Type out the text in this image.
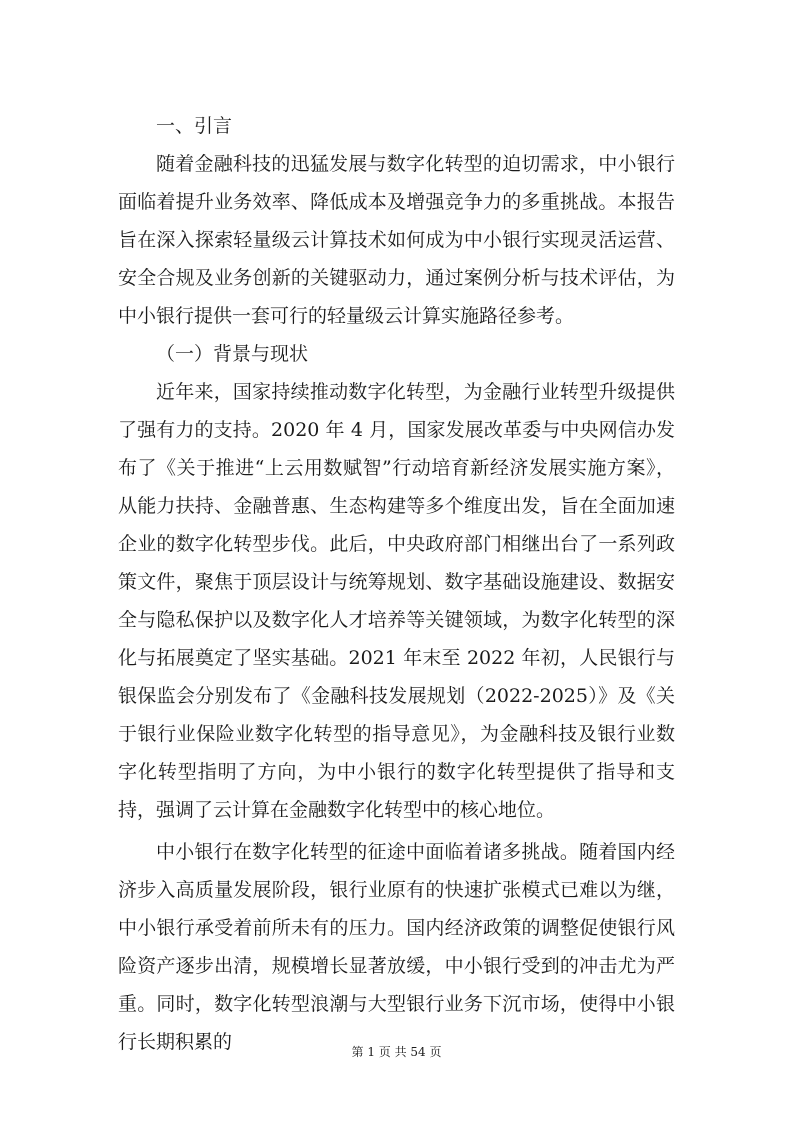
一、引言

随着金融科技的迅猛发展与数字化转型的迫切需求，中小银行面临着提升业务效率、降低成本及增强竞争力的多重挑战。本报告旨在深入探索轻量级云计算技术如何成为中小银行实现灵活运营、安全合规及业务创新的关键驱动力，通过案例分析与技术评估，为中小银行提供一套可行的轻量级云计算实施路径参考。

（一）背景与现状

近年来，国家持续推动数字化转型，为金融行业转型升级提供了强有力的支持。2020 年 4 月，国家发展改革委与中央网信办发布了《关于推进“上云用数赋智”行动培育新经济发展实施方案》，从能力扶持、金融普惠、生态构建等多个维度出发，旨在全面加速企业的数字化转型步伐。此后，中央政府部门相继出台了一系列政策文件，聚焦于顶层设计与统筹规划、数字基础设施建设、数据安全与隐私保护以及数字化人才培养等关键领域，为数字化转型的深化与拓展奠定了坚实基础。2021 年末至 2022 年初，人民银行与银保监会分别发布了《金融科技发展规划（2022-2025）》及《关于银行业保险业数字化转型的指导意见》，为金融科技及银行业数字化转型指明了方向，为中小银行的数字化转型提供了指导和支持，强调了云计算在金融数字化转型中的核心地位。

中小银行在数字化转型的征途中面临着诸多挑战。随着国内经济步入高质量发展阶段，银行业原有的快速扩张模式已难以为继，中小银行承受着前所未有的压力。国内经济政策的调整促使银行风险资产逐步出清，规模增长显著放缓，中小银行受到的冲击尤为严重。同时，数字化转型浪潮与大型银行业务下沉市场，使得中小银行长期积累的	第 1 页 共 54 页
